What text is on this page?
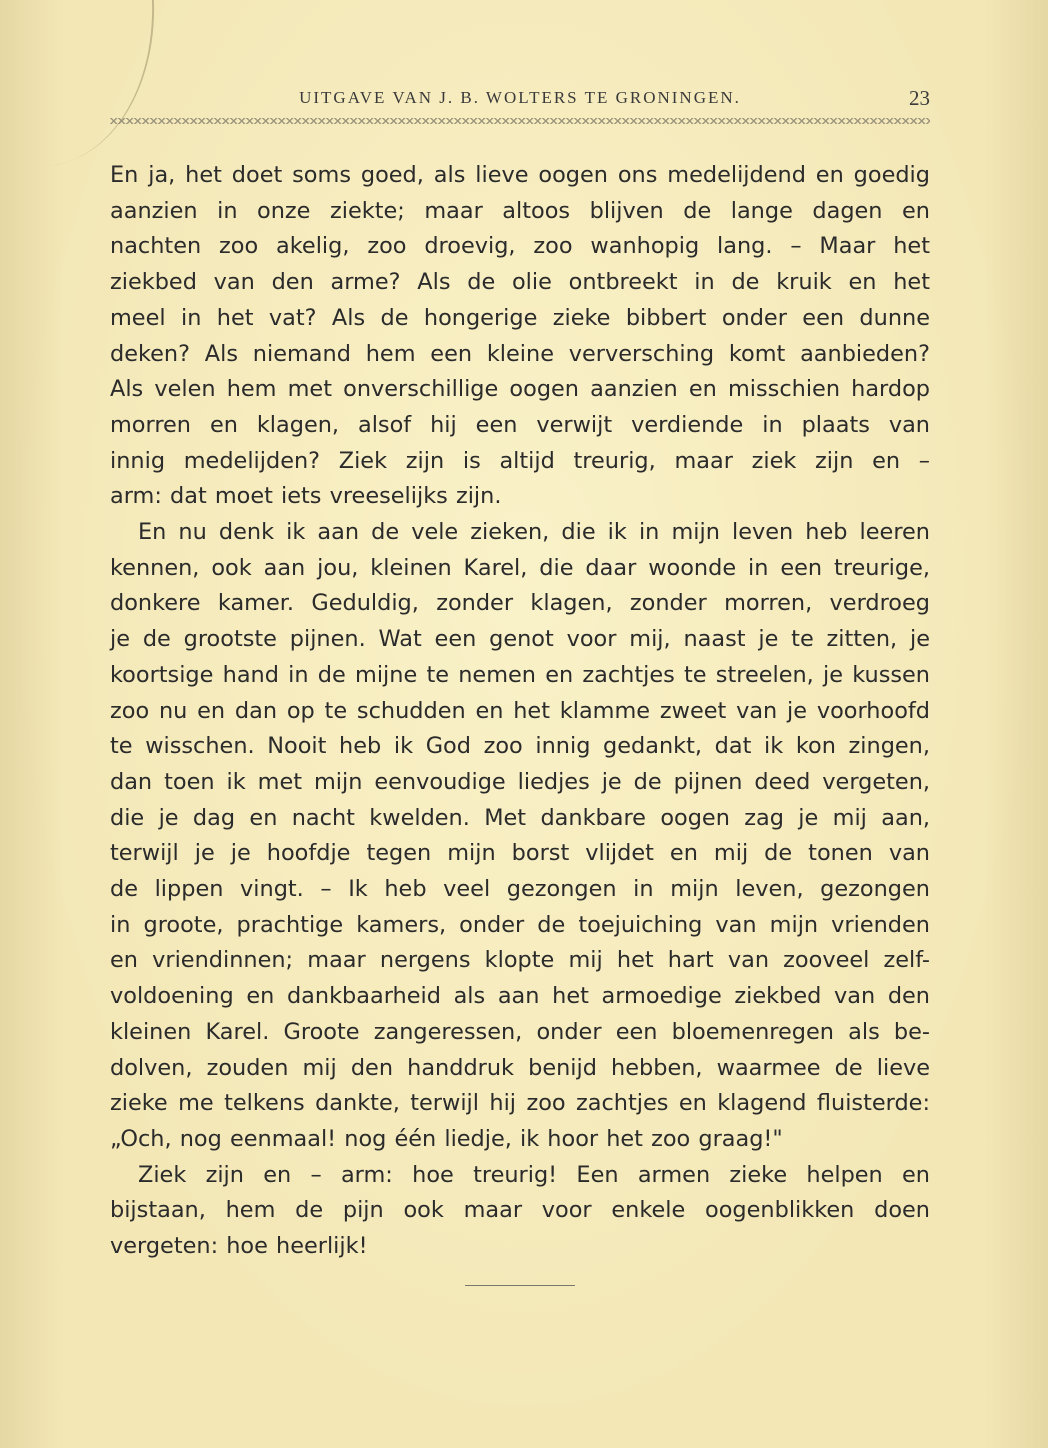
UITGAVE VAN J. B. WOLTERS TE GRONINGEN.	23

En ja, het doet soms goed, als lieve oogen ons medelijdend en goedig
aanzien in onze ziekte; maar altoos blijven de lange dagen en
nachten zoo akelig, zoo droevig, zoo wanhopig lang. – Maar het
ziekbed van den arme? Als de olie ontbreekt in de kruik en het
meel in het vat? Als de hongerige zieke bibbert onder een dunne
deken? Als niemand hem een kleine verversching komt aanbieden?
Als velen hem met onverschillige oogen aanzien en misschien hardop
morren en klagen, alsof hij een verwijt verdiende in plaats van
innig medelijden? Ziek zijn is altijd treurig, maar ziek zijn en –
arm: dat moet iets vreeselijks zijn.

En nu denk ik aan de vele zieken, die ik in mijn leven heb leeren
kennen, ook aan jou, kleinen Karel, die daar woonde in een treurige,
donkere kamer. Geduldig, zonder klagen, zonder morren, verdroeg
je de grootste pijnen. Wat een genot voor mij, naast je te zitten, je
koortsige hand in de mijne te nemen en zachtjes te streelen, je kussen
zoo nu en dan op te schudden en het klamme zweet van je voorhoofd
te wisschen. Nooit heb ik God zoo innig gedankt, dat ik kon zingen,
dan toen ik met mijn eenvoudige liedjes je de pijnen deed vergeten,
die je dag en nacht kwelden. Met dankbare oogen zag je mij aan,
terwijl je je hoofdje tegen mijn borst vlijdet en mij de tonen van
de lippen vingt. – Ik heb veel gezongen in mijn leven, gezongen
in groote, prachtige kamers, onder de toejuiching van mijn vrienden
en vriendinnen; maar nergens klopte mij het hart van zooveel zelf-
voldoening en dankbaarheid als aan het armoedige ziekbed van den
kleinen Karel. Groote zangeressen, onder een bloemenregen als be-
dolven, zouden mij den handdruk benijd hebben, waarmee de lieve
zieke me telkens dankte, terwijl hij zoo zachtjes en klagend fluisterde:
„Och, nog eenmaal! nog één liedje, ik hoor het zoo graag!"

Ziek zijn en – arm: hoe treurig! Een armen zieke helpen en
bijstaan, hem de pijn ook maar voor enkele oogenblikken doen
vergeten: hoe heerlijk!
